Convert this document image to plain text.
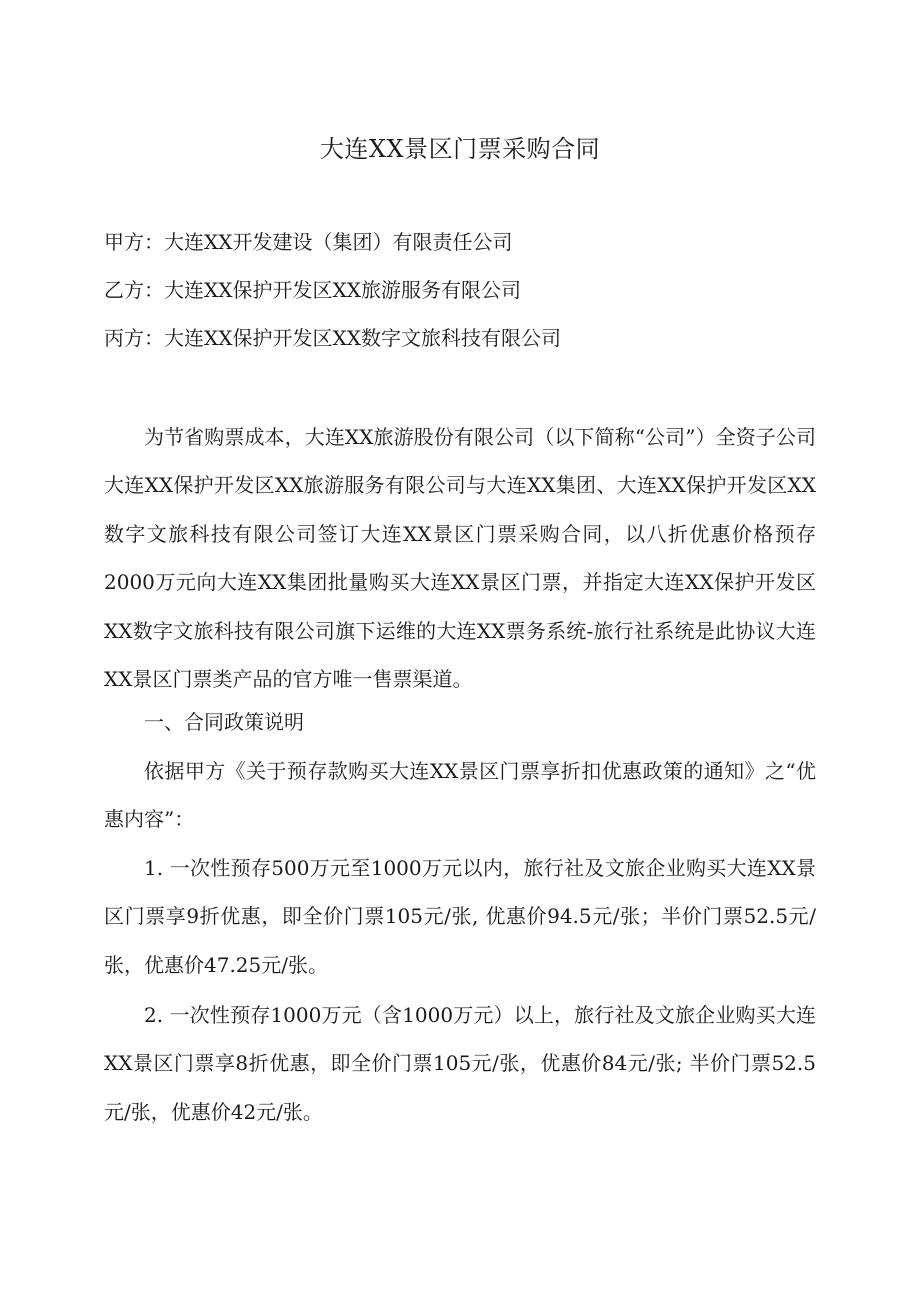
大连XX景区门票采购合同
甲方：大连XX开发建设（集团）有限责任公司
乙方：大连XX保护开发区XX旅游服务有限公司
丙方：大连XX保护开发区XX数字文旅科技有限公司
为节省购票成本，大连XX旅游股份有限公司（以下简称“公司”）全资子公司大连XX保护开发区XX旅游服务有限公司与大连XX集团、大连XX保护开发区XX数字文旅科技有限公司签订大连XX景区门票采购合同，以八折优惠价格预存2000万元向大连XX集团批量购买大连XX景区门票，并指定大连XX保护开发区XX数字文旅科技有限公司旗下运维的大连XX票务系统-旅行社系统是此协议大连XX景区门票类产品的官方唯一售票渠道。
一、合同政策说明
依据甲方《关于预存款购买大连XX景区门票享折扣优惠政策的通知》之“优惠内容”：
1. 一次性预存500万元至1000万元以内，旅行社及文旅企业购买大连XX景区门票享9折优惠，即全价门票105元/张, 优惠价94.5元/张；半价门票52.5元/张，优惠价47.25元/张。
2. 一次性预存1000万元（含1000万元）以上，旅行社及文旅企业购买大连XX景区门票享8折优惠，即全价门票105元/张，优惠价84元/张; 半价门票52.5元/张，优惠价42元/张。
